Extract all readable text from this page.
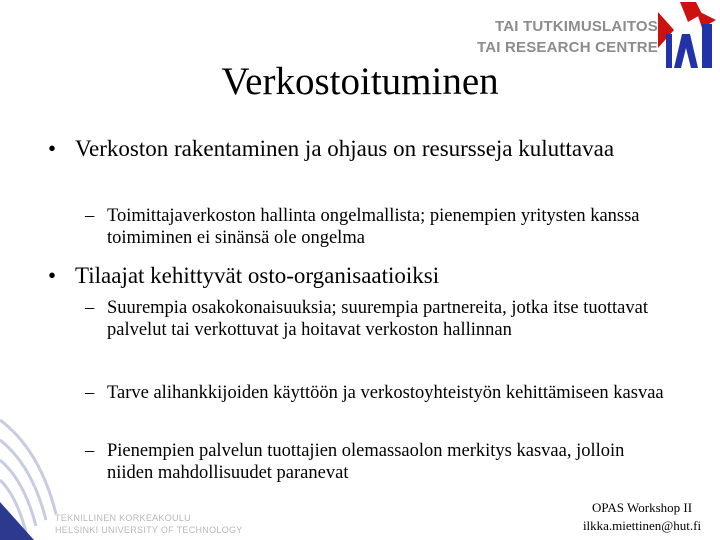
TAI TUTKIMUSLAITOS
TAI RESEARCH CENTRE
Verkostoituminen
• Verkoston rakentaminen ja ohjaus on resursseja kuluttavaa
– Toimittajaverkoston hallinta ongelmallista; pienempien yritysten kanssa toimiminen ei sinänsä ole ongelma
• Tilaajat kehittyvät osto-organisaatioiksi
– Suurempia osakokonaisuuksia; suurempia partnereita, jotka itse tuottavat palvelut tai verkottuvat ja hoitavat verkoston hallinnan
– Tarve alihankkijoiden käyttöön ja verkostoyhteistyön kehittämiseen kasvaa
– Pienempien palvelun tuottajien olemassaolon merkitys kasvaa, jolloin niiden mahdollisuudet paranevat
TEKNILLINEN KORKEAKOULU
HELSINKI UNIVERSITY OF TECHNOLOGY
OPAS Workshop II
ilkka.miettinen@hut.fi
